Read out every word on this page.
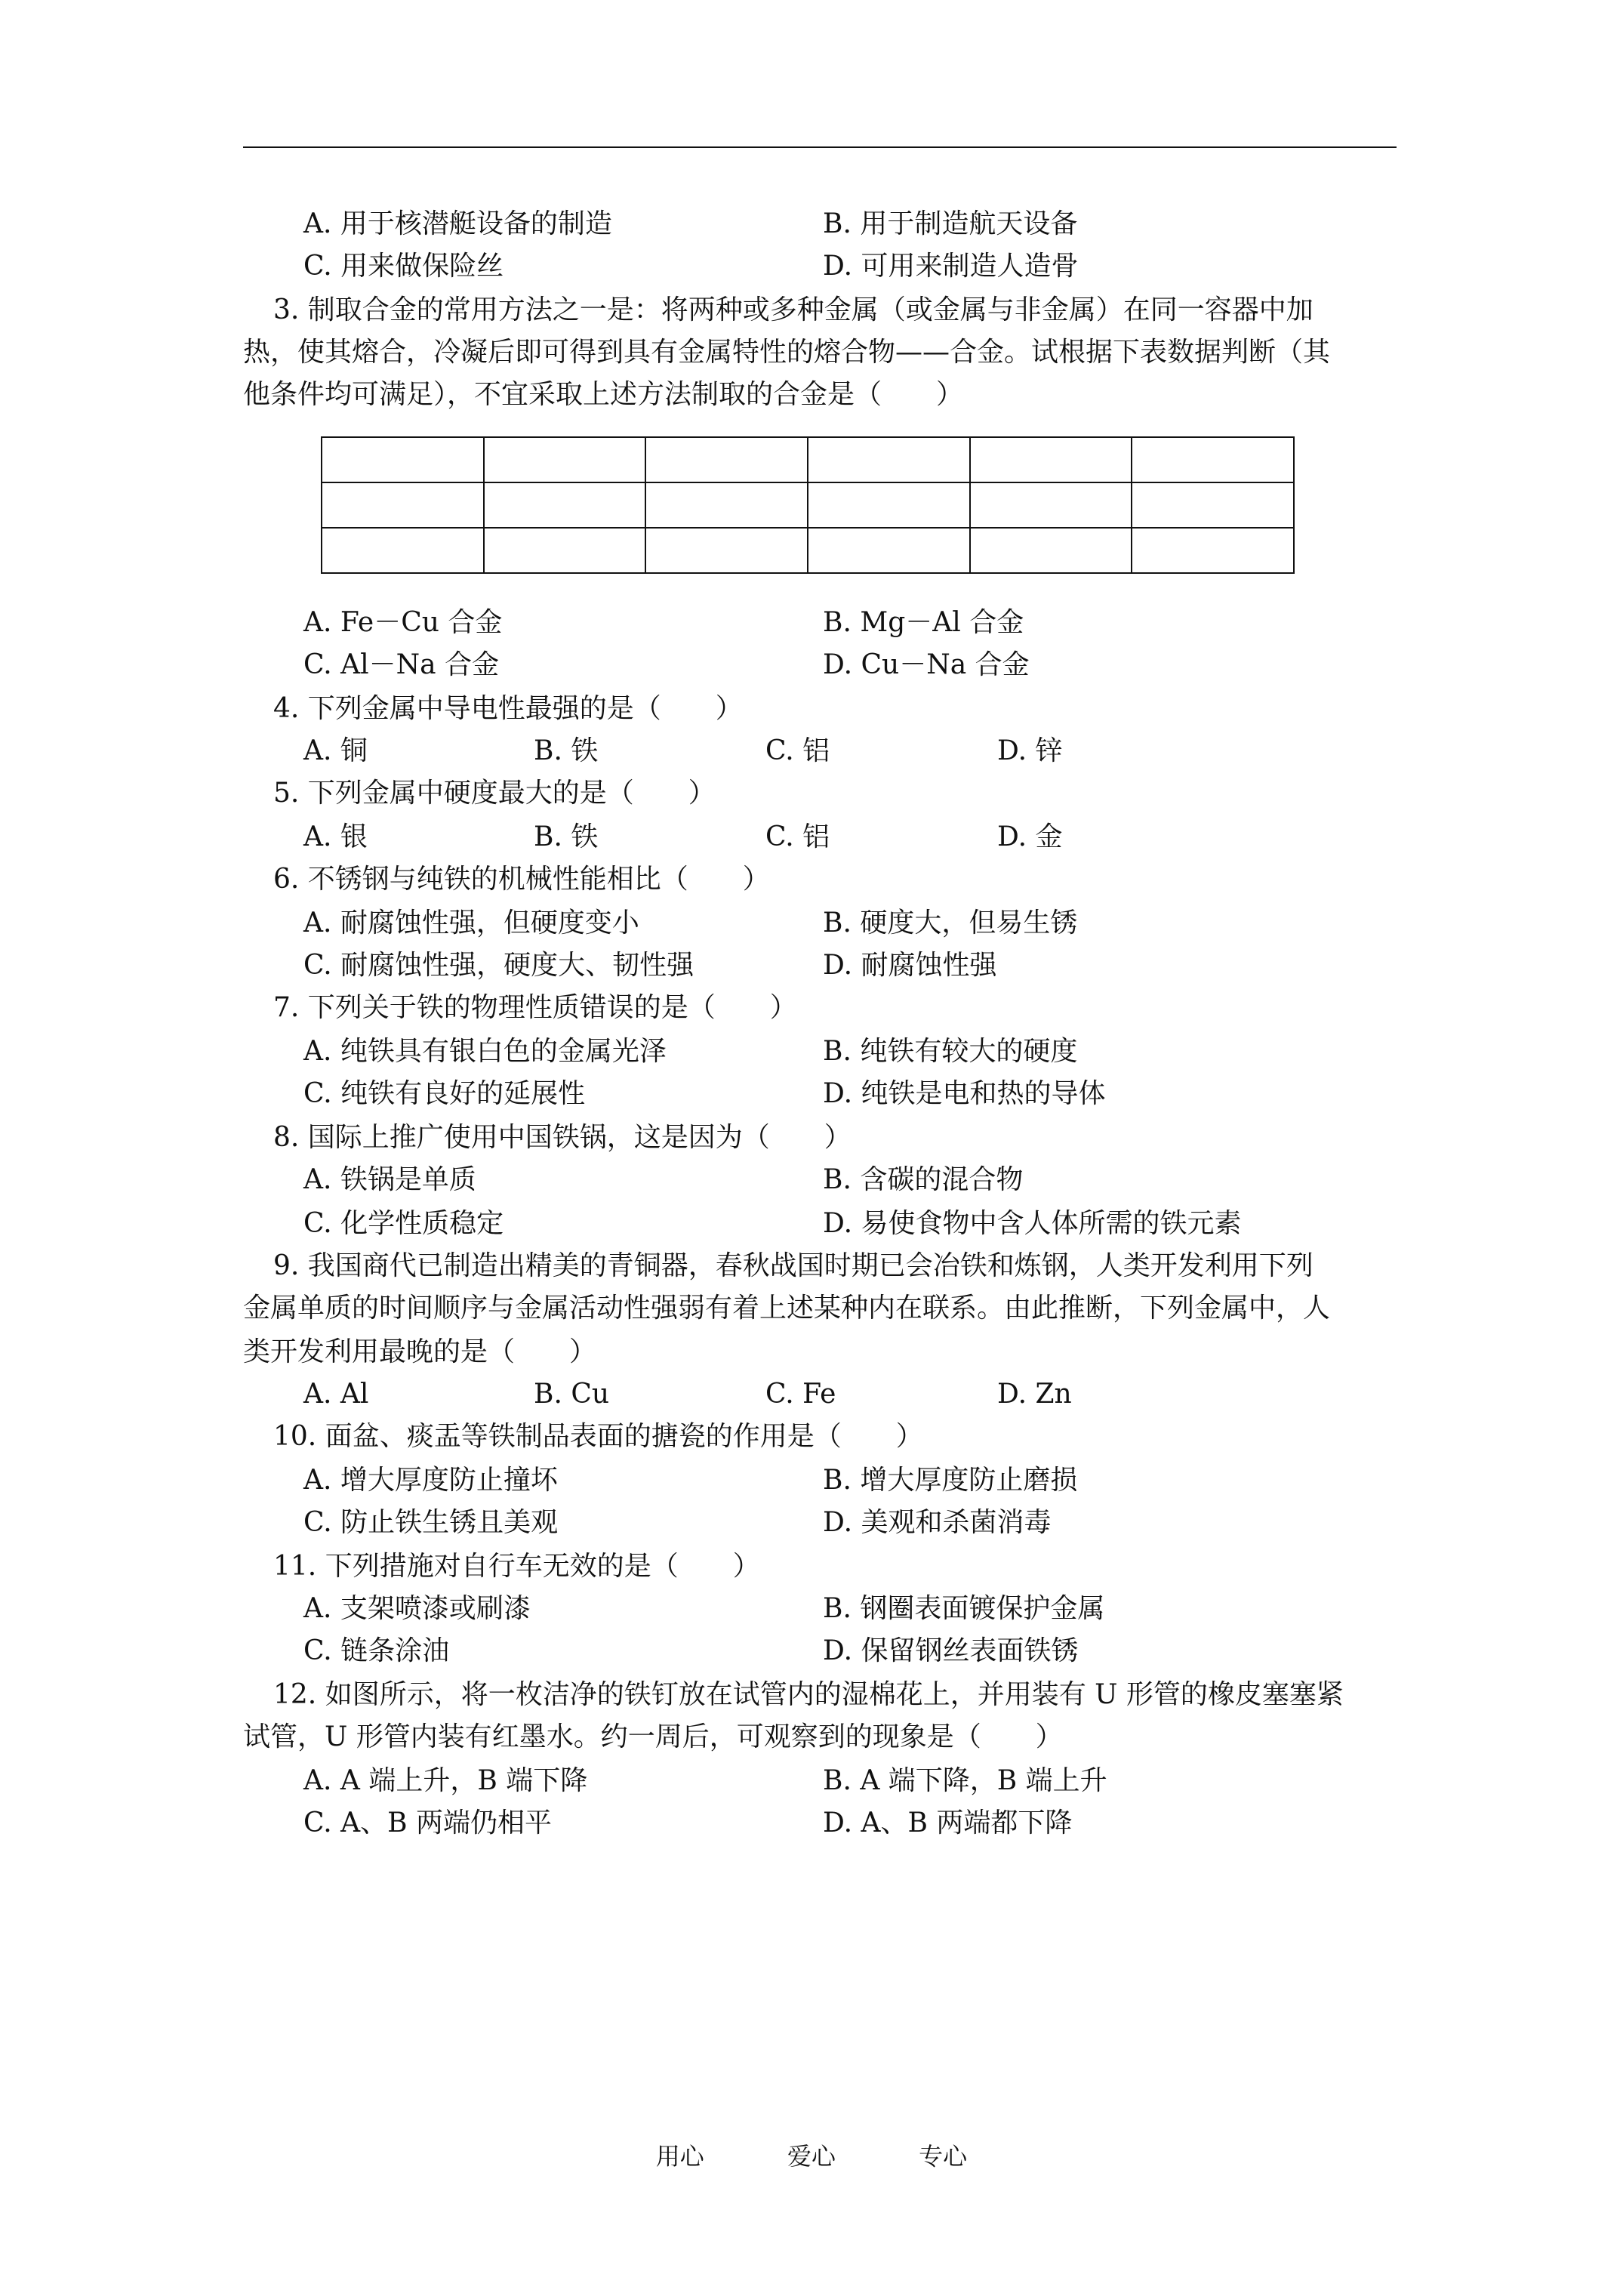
A. 用于核潜艇设备的制造	B. 用于制造航天设备
C. 用来做保险丝	D. 可用来制造人造骨
3. 制取合金的常用方法之一是：将两种或多种金属（或金属与非金属）在同一容器中加
热，使其熔合，冷凝后即可得到具有金属特性的熔合物——合金。试根据下表数据判断（其
他条件均可满足），不宜采取上述方法制取的合金是（　　）

A. Fe－Cu 合金	B. Mg－Al 合金
C. Al－Na 合金	D. Cu－Na 合金
4. 下列金属中导电性最强的是（　　）
A. 铜	B. 铁	C. 铝	D. 锌
5. 下列金属中硬度最大的是（　　）
A. 银	B. 铁	C. 铝	D. 金
6. 不锈钢与纯铁的机械性能相比（　　）
A. 耐腐蚀性强，但硬度变小	B. 硬度大，但易生锈
C. 耐腐蚀性强，硬度大、韧性强	D. 耐腐蚀性强
7. 下列关于铁的物理性质错误的是（　　）
A. 纯铁具有银白色的金属光泽	B. 纯铁有较大的硬度
C. 纯铁有良好的延展性	D. 纯铁是电和热的导体
8. 国际上推广使用中国铁锅，这是因为（　　）
A. 铁锅是单质	B. 含碳的混合物
C. 化学性质稳定	D. 易使食物中含人体所需的铁元素
9. 我国商代已制造出精美的青铜器，春秋战国时期已会冶铁和炼钢，人类开发利用下列
金属单质的时间顺序与金属活动性强弱有着上述某种内在联系。由此推断，下列金属中，人
类开发利用最晚的是（　　）
A. Al	B. Cu	C. Fe	D. Zn
10. 面盆、痰盂等铁制品表面的搪瓷的作用是（　　）
A. 增大厚度防止撞坏	B. 增大厚度防止磨损
C. 防止铁生锈且美观	D. 美观和杀菌消毒
11. 下列措施对自行车无效的是（　　）
A. 支架喷漆或刷漆	B. 钢圈表面镀保护金属
C. 链条涂油	D. 保留钢丝表面铁锈
12. 如图所示，将一枚洁净的铁钉放在试管内的湿棉花上，并用装有 U 形管的橡皮塞塞紧
试管，U 形管内装有红墨水。约一周后，可观察到的现象是（　　）
A. A 端上升，B 端下降	B. A 端下降，B 端上升
C. A、B 两端仍相平	D. A、B 两端都下降
用心	爱心	专心
